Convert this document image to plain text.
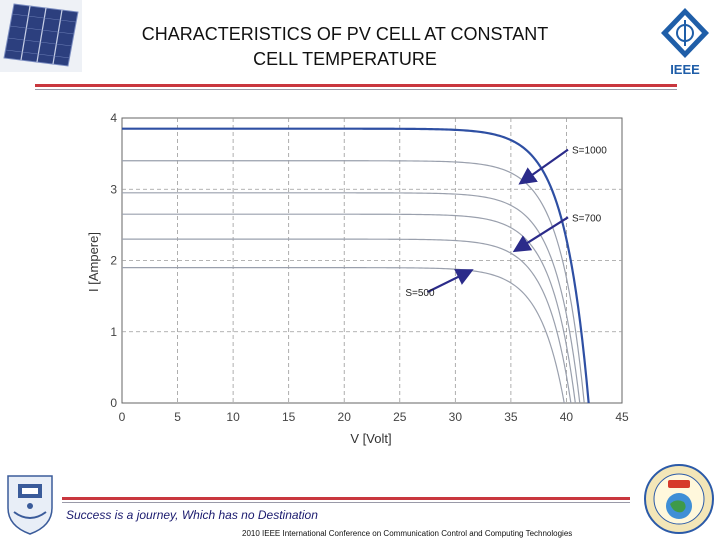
IEEE
CHARACTERISTICS OF PV CELL AT CONSTANT
CELL TEMPERATURE
0	5	10	15	20	25	30	35	40	45
0
1
2
3
4
S=1000
S=700
S=500
V [Volt]
I [Ampere]
Success is a journey, Which has no Destination
2010 IEEE International Conference on Communication Control and Computing Technologies
